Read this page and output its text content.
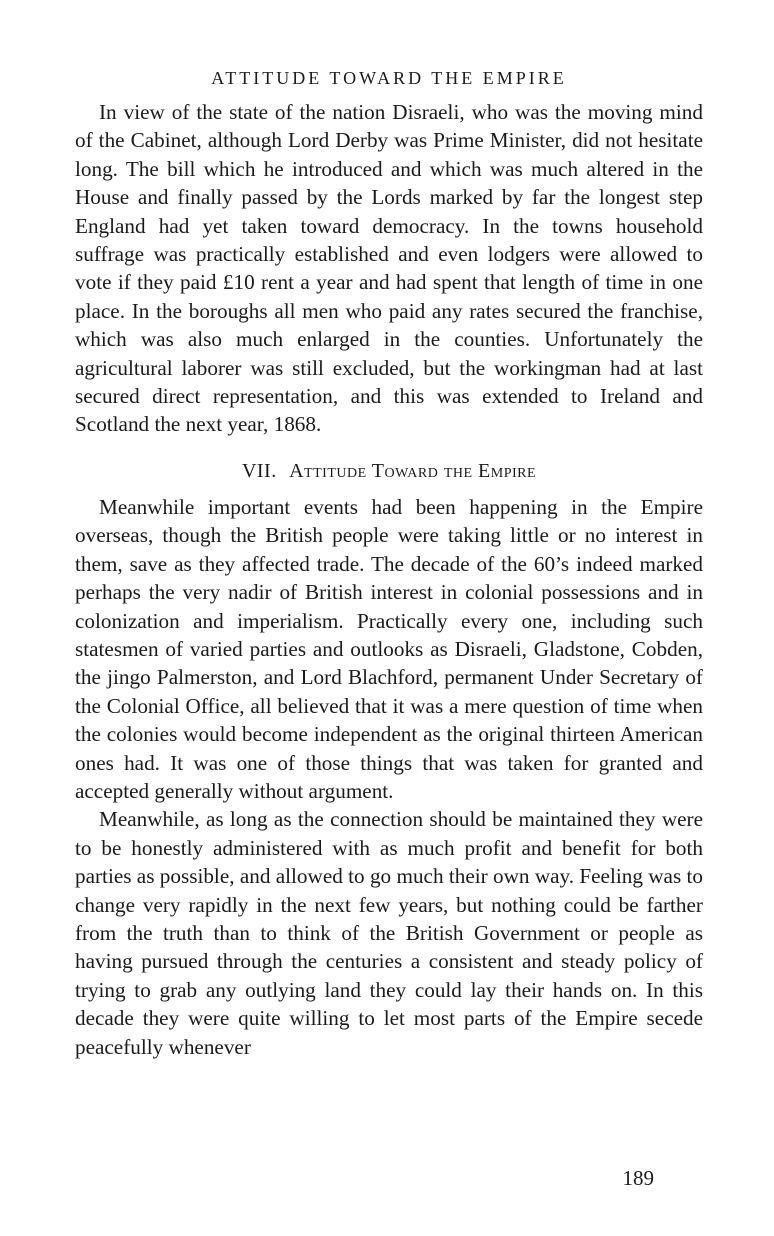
ATTITUDE TOWARD THE EMPIRE

In view of the state of the nation Disraeli, who was the moving mind of the Cabinet, although Lord Derby was Prime Minister, did not hesitate long. The bill which he introduced and which was much altered in the House and finally passed by the Lords marked by far the longest step England had yet taken toward democracy. In the towns household suffrage was practically established and even lodgers were allowed to vote if they paid £10 rent a year and had spent that length of time in one place. In the boroughs all men who paid any rates secured the franchise, which was also much enlarged in the counties. Unfortunately the agricultural laborer was still excluded, but the workingman had at last secured direct representation, and this was extended to Ireland and Scotland the next year, 1868.

VII. Attitude Toward the Empire

Meanwhile important events had been happening in the Empire overseas, though the British people were taking little or no interest in them, save as they affected trade. The decade of the 60’s indeed marked perhaps the very nadir of British interest in colonial possessions and in colonization and imperialism. Practically every one, including such statesmen of varied parties and outlooks as Disraeli, Gladstone, Cobden, the jingo Palmerston, and Lord Blachford, permanent Under Secretary of the Colonial Office, all believed that it was a mere question of time when the colonies would become independent as the original thirteen American ones had. It was one of those things that was taken for granted and accepted generally without argument.

Meanwhile, as long as the connection should be maintained they were to be honestly administered with as much profit and benefit for both parties as possible, and allowed to go much their own way. Feeling was to change very rapidly in the next few years, but nothing could be farther from the truth than to think of the British Government or people as having pursued through the centuries a consistent and steady policy of trying to grab any outlying land they could lay their hands on. In this decade they were quite willing to let most parts of the Empire secede peacefully whenever

189
